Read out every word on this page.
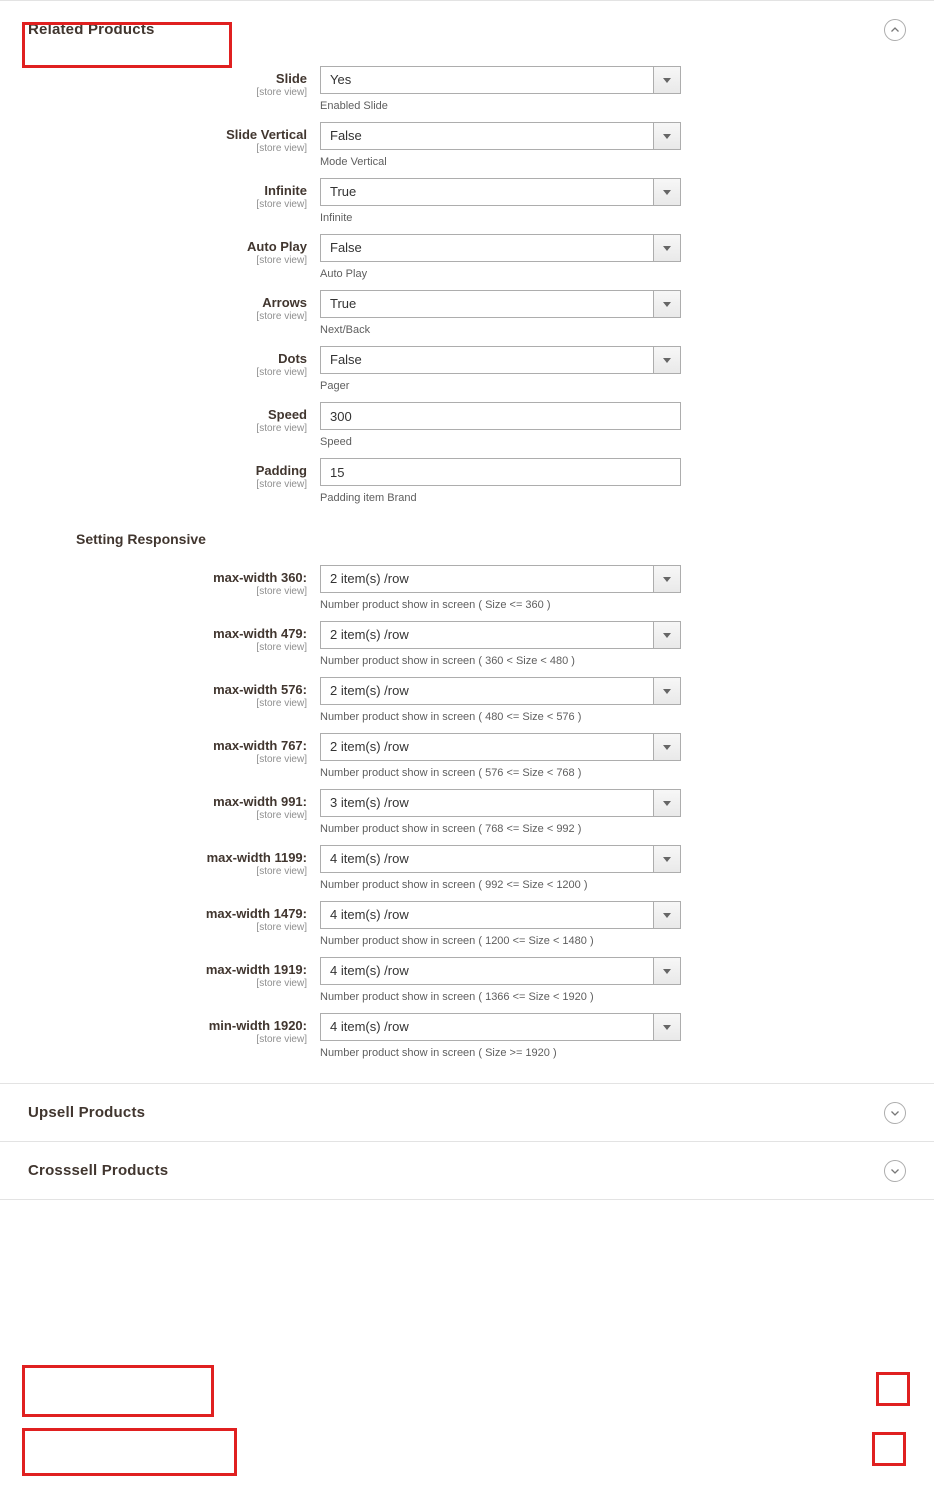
Related Products
Slide
[store view]
Yes
Enabled Slide
Slide Vertical
[store view]
False
Mode Vertical
Infinite
[store view]
True
Infinite
Auto Play
[store view]
False
Auto Play
Arrows
[store view]
True
Next/Back
Dots
[store view]
False
Pager
Speed
[store view]
300
Speed
Padding
[store view]
15
Padding item Brand
Setting Responsive
max-width 360:
[store view]
2 item(s) /row
Number product show in screen ( Size <= 360 )
max-width 479:
[store view]
2 item(s) /row
Number product show in screen ( 360 < Size < 480 )
max-width 576:
[store view]
2 item(s) /row
Number product show in screen ( 480 <= Size < 576 )
max-width 767:
[store view]
2 item(s) /row
Number product show in screen ( 576 <= Size < 768 )
max-width 991:
[store view]
3 item(s) /row
Number product show in screen ( 768 <= Size < 992 )
max-width 1199:
[store view]
4 item(s) /row
Number product show in screen ( 992 <= Size < 1200 )
max-width 1479:
[store view]
4 item(s) /row
Number product show in screen ( 1200 <= Size < 1480 )
max-width 1919:
[store view]
4 item(s) /row
Number product show in screen ( 1366 <= Size < 1920 )
min-width 1920:
[store view]
4 item(s) /row
Number product show in screen ( Size >= 1920 )
Upsell Products
Crosssell Products
